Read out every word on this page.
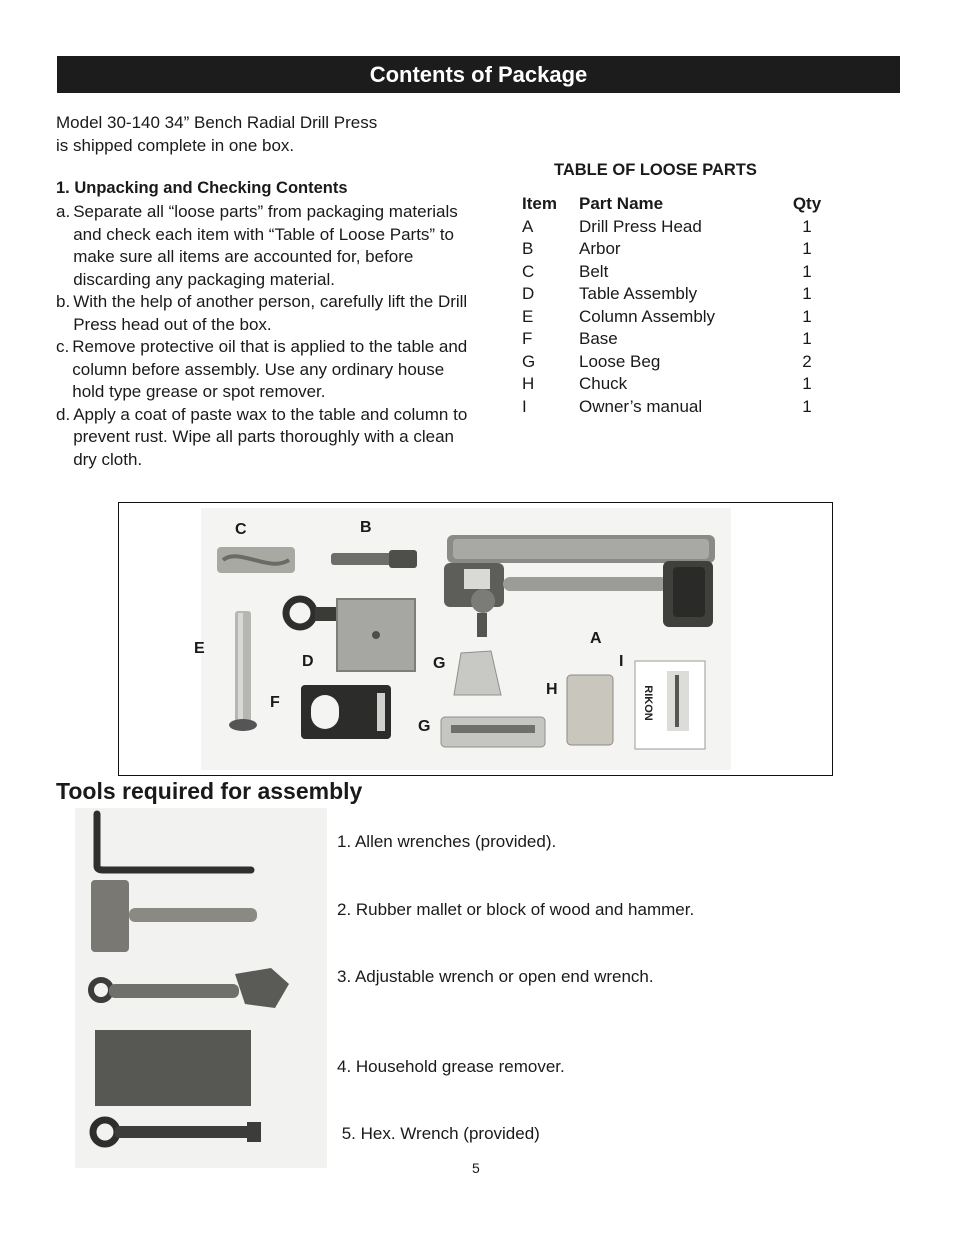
Contents of Package

Model 30-140 34” Bench Radial Drill Press

is shipped complete in one box.

1. Unpacking and Checking Contents
a. Separate all “loose parts” from packaging materials and check each item with “Table of Loose Parts” to make sure all items are accounted for, before discarding any packaging material.
b. With the help of another person, carefully lift the Drill Press head out of the box.
c. Remove protective oil that is applied to the table and column before assembly. Use any ordinary house hold type grease or spot remover.
d. Apply a coat of paste wax to the table and column to prevent rust. Wipe all parts thoroughly with a clean dry cloth.
TABLE OF LOOSE PARTS
Item	Part Name	Qty
A	Drill Press Head	1
B	Arbor	1
C	Belt	1
D	Table Assembly	1
E	Column Assembly	1
F	Base	1
G	Loose Beg	2
H	Chuck	1
I	Owner’s manual	1
RIKON
C	B
A
E
D	G	I
H
F
G
Tools required for assembly
1. Allen wrenches (provided).
2. Rubber mallet or block of wood and hammer.
3. Adjustable wrench or open end wrench.
4. Household grease remover.
5. Hex. Wrench (provided)
5
